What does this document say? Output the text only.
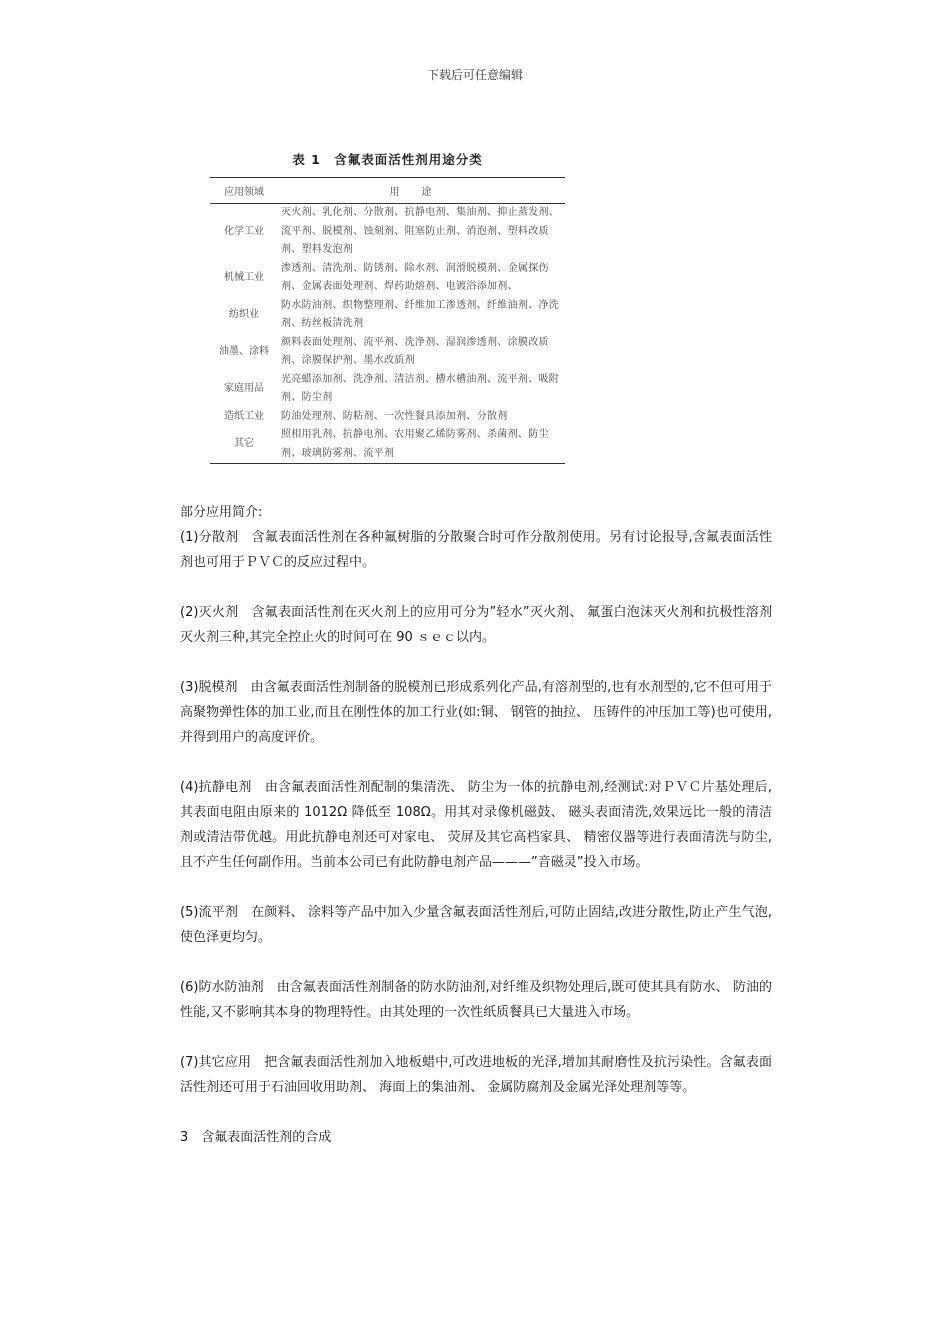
下载后可任意编辑
表 1　含氟表面活性剂用途分类
应用领域	用途
化学工业	灭火剂、乳化剂、分散剂、抗静电剂、集油剂、抑止蒸发剂、流平剂、脱模剂、蚀刻剂、阻塞防止剂、消泡剂、塑料改质剂、塑料发泡剂
机械工业	渗透剂、清洗剂、防锈剂、除水剂、润滑脱模剂、金属探伤剂、金属表面处理剂、焊药助熔剂、电镀浴添加剂、
纺织业	防水防油剂、织物整理剂、纤维加工渗透剂、纤维油剂、净洗剂、纺丝板清洗剂
油墨、涂料	颜料表面处理剂、流平剂、洗净剂、湿润渗透剂、涂膜改质剂、涂膜保护剂、墨水改质剂
家庭用品	光亮蜡添加剂、洗净剂、清洁剂、槽水槽油剂、流平剂、吸附剂、防尘剂
造纸工业	防油处理剂、防粘剂、一次性餐具添加剂、分散剂
其它	照相用乳剂、抗静电剂、农用聚乙烯防雾剂、杀菌剂、防尘剂、玻璃防雾剂、流平剂

部分应用简介:

(1)分散剂　含氟表面活性剂在各种氟树脂的分散聚合时可作分散剂使用。另有讨论报导,含氟表面活性剂也可用于ＰＶＣ的反应过程中。

(2)灭火剂　含氟表面活性剂在灭火剂上的应用可分为”轻水”灭火剂、 氟蛋白泡沫灭火剂和抗极性溶剂灭火剂三种,其完全控止火的时间可在 90 ｓｅｃ以内。

(3)脱模剂　由含氟表面活性剂制备的脱模剂已形成系列化产品,有溶剂型的,也有水剂型的,它不但可用于高聚物弹性体的加工业,而且在刚性体的加工行业(如:铜、 钢管的抽拉、 压铸件的冲压加工等)也可使用,并得到用户的高度评价。

(4)抗静电剂　由含氟表面活性剂配制的集清洗、 防尘为一体的抗静电剂,经测试:对ＰＶＣ片基处理后,其表面电阻由原来的 1012Ω 降低至 108Ω。用其对录像机磁鼓、 磁头表面清洗,效果远比一般的清洁剂或清洁带优越。用此抗静电剂还可对家电、 荧屏及其它高档家具、 精密仪器等进行表面清洗与防尘,且不产生任何副作用。当前本公司已有此防静电剂产品———”音磁灵”投入市场。

(5)流平剂　在颜料、 涂料等产品中加入少量含氟表面活性剂后,可防止固结,改进分散性,防止产生气泡,使色泽更均匀。

(6)防水防油剂　由含氟表面活性剂制备的防水防油剂,对纤维及织物处理后,既可使其具有防水、 防油的性能,又不影响其本身的物理特性。由其处理的一次性纸质餐具已大量进入市场。

(7)其它应用　把含氟表面活性剂加入地板蜡中,可改进地板的光泽,增加其耐磨性及抗污染性。含氟表面活性剂还可用于石油回收用助剂、 海面上的集油剂、 金属防腐剂及金属光泽处理剂等等。

3　含氟表面活性剂的合成
